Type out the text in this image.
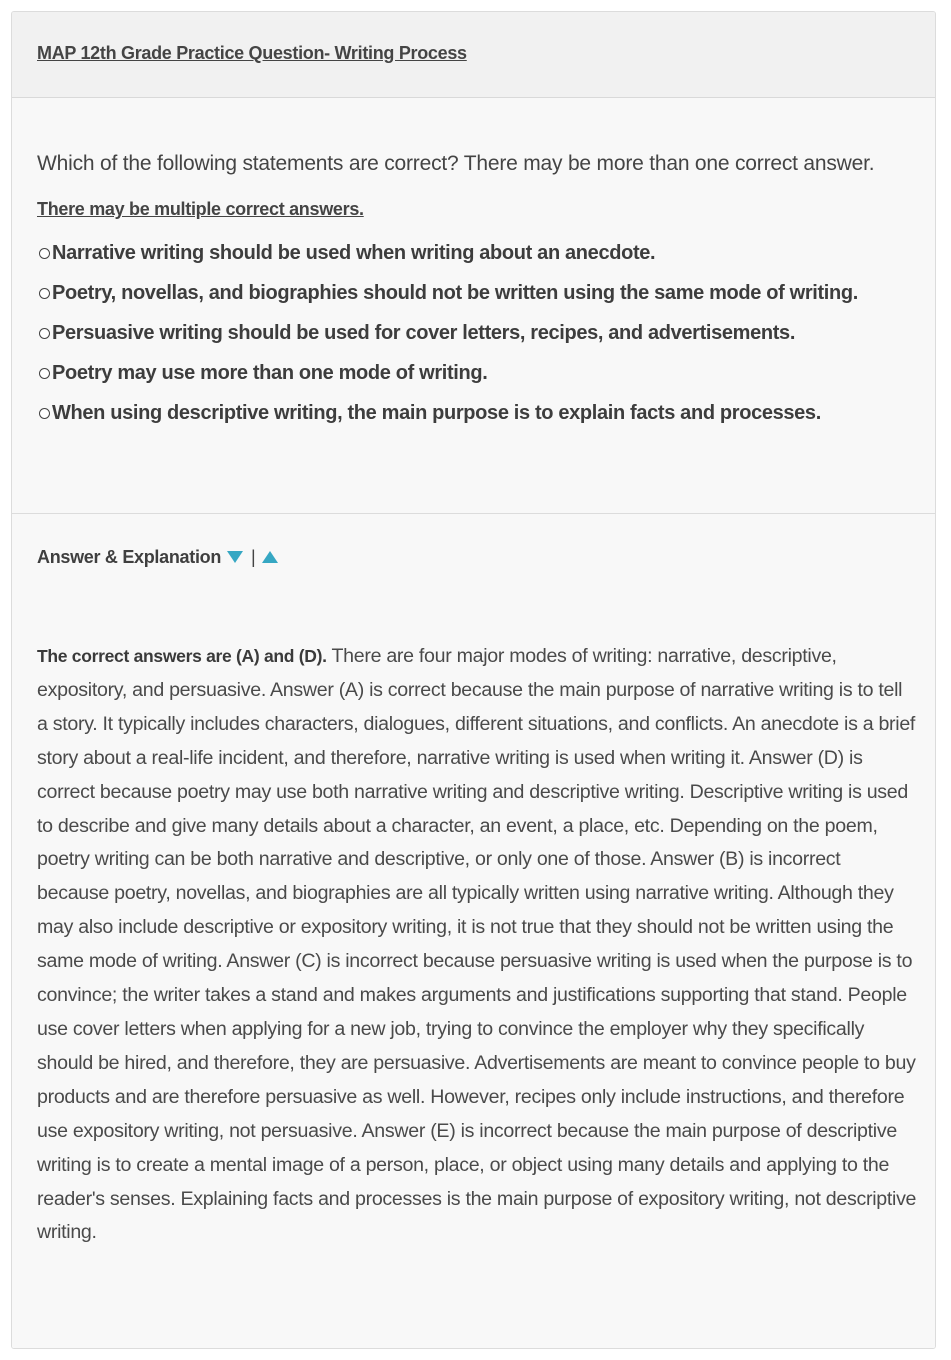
MAP 12th Grade Practice Question- Writing Process

Which of the following statements are correct? There may be more than one correct answer.

There may be multiple correct answers.
Narrative writing should be used when writing about an anecdote.
Poetry, novellas, and biographies should not be written using the same mode of writing.
Persuasive writing should be used for cover letters, recipes, and advertisements.
Poetry may use more than one mode of writing.
When using descriptive writing, the main purpose is to explain facts and processes.
Answer & Explanation |

The correct answers are (A) and (D). There are four major modes of writing: narrative, descriptive, expository, and persuasive. Answer (A) is correct because the main purpose of narrative writing is to tell a story. It typically includes characters, dialogues, different situations, and conflicts. An anecdote is a brief story about a real-life incident, and therefore, narrative writing is used when writing it. Answer (D) is correct because poetry may use both narrative writing and descriptive writing. Descriptive writing is used to describe and give many details about a character, an event, a place, etc. Depending on the poem, poetry writing can be both narrative and descriptive, or only one of those. Answer (B) is incorrect because poetry, novellas, and biographies are all typically written using narrative writing. Although they may also include descriptive or expository writing, it is not true that they should not be written using the same mode of writing. Answer (C) is incorrect because persuasive writing is used when the purpose is to convince; the writer takes a stand and makes arguments and justifications supporting that stand. People use cover letters when applying for a new job, trying to convince the employer why they specifically should be hired, and therefore, they are persuasive. Advertisements are meant to convince people to buy products and are therefore persuasive as well. However, recipes only include instructions, and therefore use expository writing, not persuasive. Answer (E) is incorrect because the main purpose of descriptive writing is to create a mental image of a person, place, or object using many details and applying to the reader's senses. Explaining facts and processes is the main purpose of expository writing, not descriptive writing.
